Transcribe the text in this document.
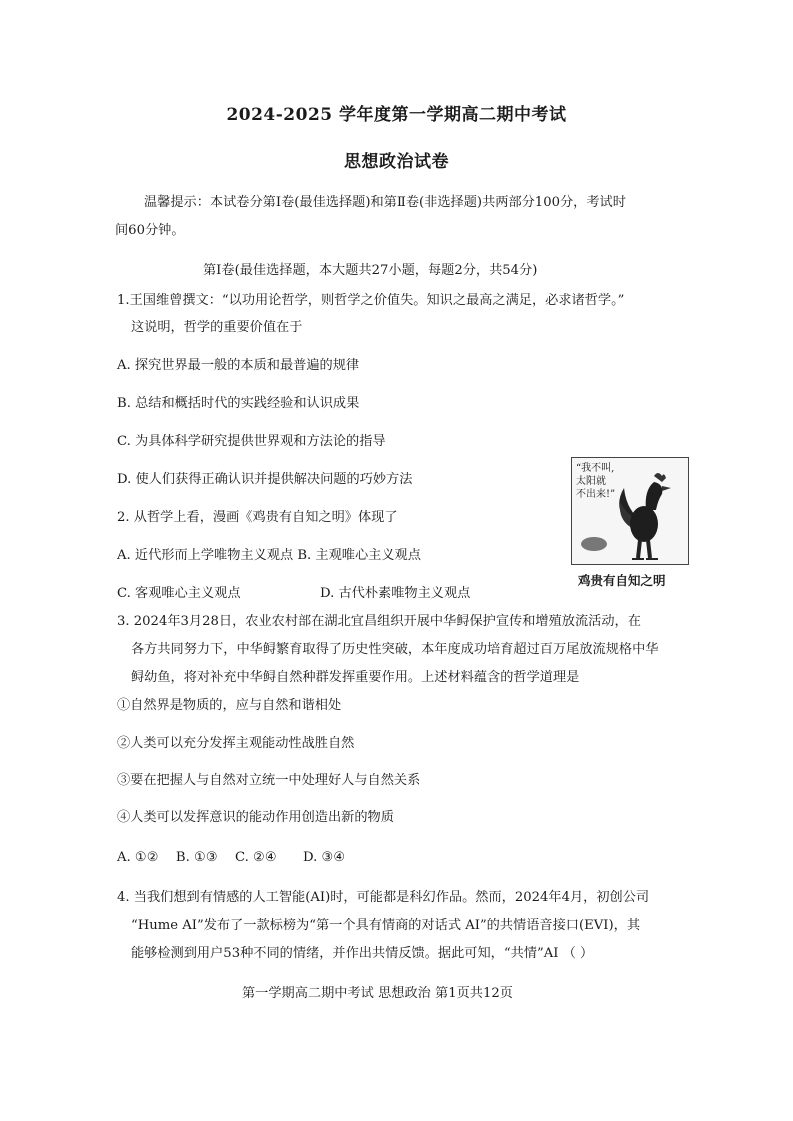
2024-2025 学年度第一学期高二期中考试
思想政治试卷
温馨提示：本试卷分第Ⅰ卷(最佳选择题)和第Ⅱ卷(非选择题)共两部分100分，考试时
间60分钟。
第Ⅰ卷(最佳选择题，本大题共27小题，每题2分，共54分)
1.王国维曾撰文：“以功用论哲学，则哲学之价值失。知识之最高之满足，必求诸哲学。”
这说明，哲学的重要价值在于
A. 探究世界最一般的本质和最普遍的规律
B. 总结和概括时代的实践经验和认识成果
C. 为具体科学研究提供世界观和方法论的指导
D. 使人们获得正确认识并提供解决问题的巧妙方法
2. 从哲学上看，漫画《鸡贵有自知之明》体现了
A. 近代形而上学唯物主义观点 B. 主观唯心主义观点
C. 客观唯心主义观点	D. 古代朴素唯物主义观点
“我不叫,
太阳就
不出来!”
鸡贵有自知之明
3. 2024年3月28日，农业农村部在湖北宜昌组织开展中华鲟保护宣传和增殖放流活动，在
各方共同努力下，中华鲟繁育取得了历史性突破，本年度成功培育超过百万尾放流规格中华
鲟幼鱼，将对补充中华鲟自然种群发挥重要作用。上述材料蕴含的哲学道理是
①自然界是物质的，应与自然和谐相处
②人类可以充分发挥主观能动性战胜自然
③要在把握人与自然对立统一中处理好人与自然关系
④人类可以发挥意识的能动作用创造出新的物质
A. ①②　 B. ①③　 C. ②④　　D. ③④
4. 当我们想到有情感的人工智能(AI)时，可能都是科幻作品。然而，2024年4月，初创公司
“Hume AI”发布了一款标榜为“第一个具有情商的对话式 AI”的共情语音接口(EVI)，其
能够检测到用户53种不同的情绪，并作出共情反馈。据此可知，“共情”AI （ ）
第一学期高二期中考试 思想政治 第1页共12页
